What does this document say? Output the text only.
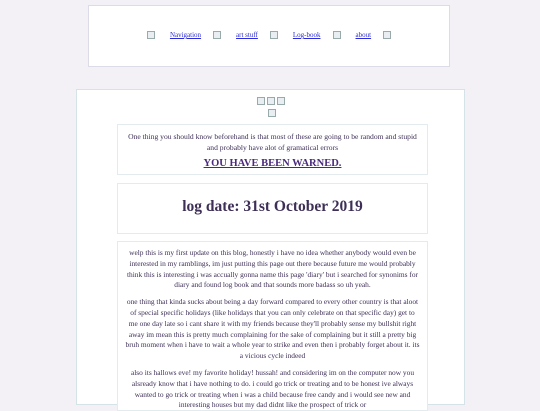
Navigation	art stuff	Log-book	about

One thing you should know beforehand is that most of these are going to be random and stupid and probably have alot of gramatical errors

YOU HAVE BEEN WARNED.

log date: 31st October 2019

welp this is my first update on this blog, honestly i have no idea whether anybody would even be interested in my ramblings, im just putting this page out there because future me would probably think this is interesting i was accually gonna name this page 'diary' but i searched for synonims for diary and found log book and that sounds more badass so uh yeah.

one thing that kinda sucks about being a day forward compared to every other country is that aloot of special specific holidays (like holidays that you can only celebrate on that specific day) get to me one day late so i cant share it with my friends because they'll probably sense my bullshit right away im mean this is pretty much complaining for the sake of complaining but it still a pretty big bruh moment when i have to wait a whole year to strike and even then i probably forget about it. its a vicious cycle indeed

also its hallows eve! my favorite holiday! hussah! and considering im on the computer now you alsready know that i have nothing to do. i could go trick or treating and to be honest ive always wanted to go trick or treating when i was a child because free candy and i would see new and interesting houses but my dad didnt like the prospect of trick or
